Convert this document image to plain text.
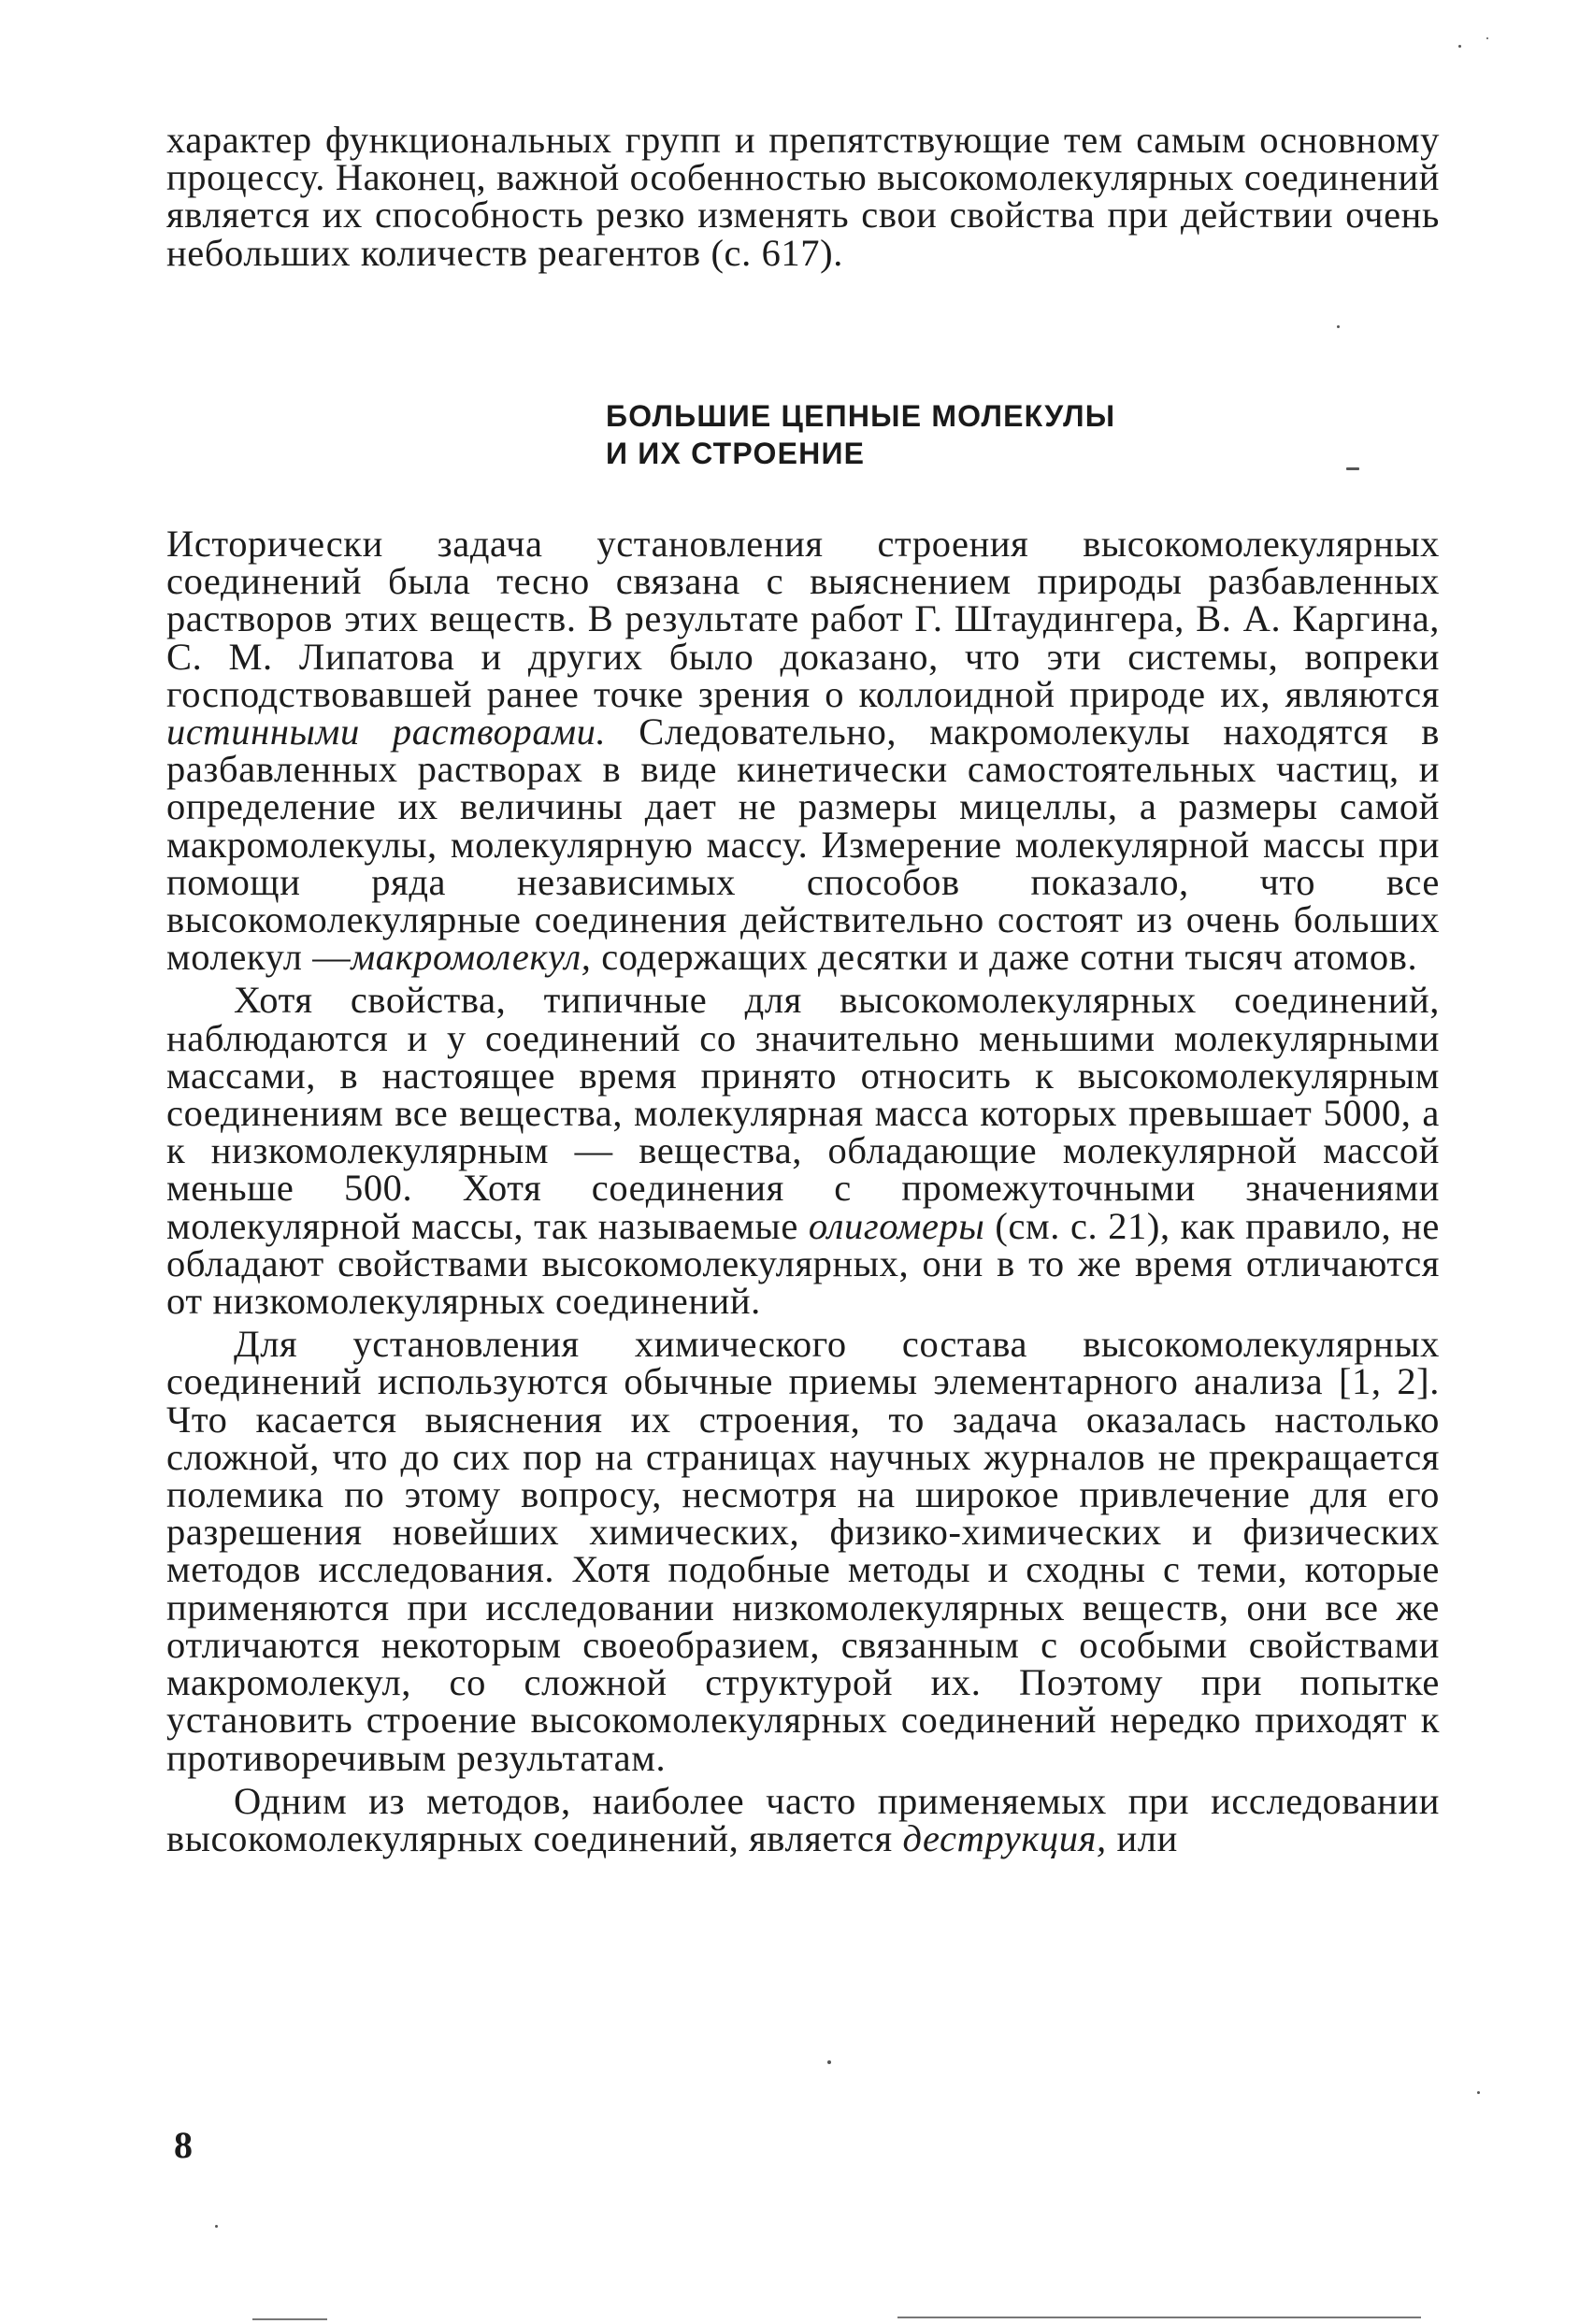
характер функциональных групп и препятствующие тем самым основному процессу. Наконец, важной особенностью высокомолекулярных соединений является их способность резко изменять свои свойства при действии очень небольших количеств реагентов (с. 617).

БОЛЬШИЕ ЦЕПНЫЕ МОЛЕКУЛЫ
И ИХ СТРОЕНИЕ

Исторически задача установления строения высокомолекулярных соединений была тесно связана с выяснением природы разбавленных растворов этих веществ. В результате работ Г. Штаудингера, В. А. Каргина, С. М. Липатова и других было доказано, что эти системы, вопреки господствовавшей ранее точке зрения о коллоидной природе их, являются истинными растворами. Следовательно, макромолекулы находятся в разбавленных растворах в виде кинетически самостоятельных частиц, и определение их величины дает не размеры мицеллы, а размеры самой макромолекулы, молекулярную массу. Измерение молекулярной массы при помощи ряда независимых способов показало, что все высокомолекулярные соединения действительно состоят из очень больших молекул —макромолекул, содержащих десятки и даже сотни тысяч атомов.

Хотя свойства, типичные для высокомолекулярных соединений, наблюдаются и у соединений со значительно меньшими молекулярными массами, в настоящее время принято относить к высокомолекулярным соединениям все вещества, молекулярная масса которых превышает 5000, а к низкомолекулярным — вещества, обладающие молекулярной массой меньше 500. Хотя соединения с промежуточными значениями молекулярной массы, так называемые олигомеры (см. с. 21), как правило, не обладают свойствами высокомолекулярных, они в то же время отличаются от низкомолекулярных соединений.

Для установления химического состава высокомолекулярных соединений используются обычные приемы элементарного анализа [1, 2]. Что касается выяснения их строения, то задача оказалась настолько сложной, что до сих пор на страницах научных журналов не прекращается полемика по этому вопросу, несмотря на широкое привлечение для его разрешения новейших химических, физико-химических и физических методов исследования. Хотя подобные методы и сходны с теми, которые применяются при исследовании низкомолекулярных веществ, они все же отличаются некоторым своеобразием, связанным с особыми свойствами макромолекул, со сложной структурой их. Поэтому при попытке установить строение высокомолекулярных соединений нередко приходят к противоречивым результатам.

Одним из методов, наиболее часто применяемых при исследовании высокомолекулярных соединений, является деструкция, или

8
